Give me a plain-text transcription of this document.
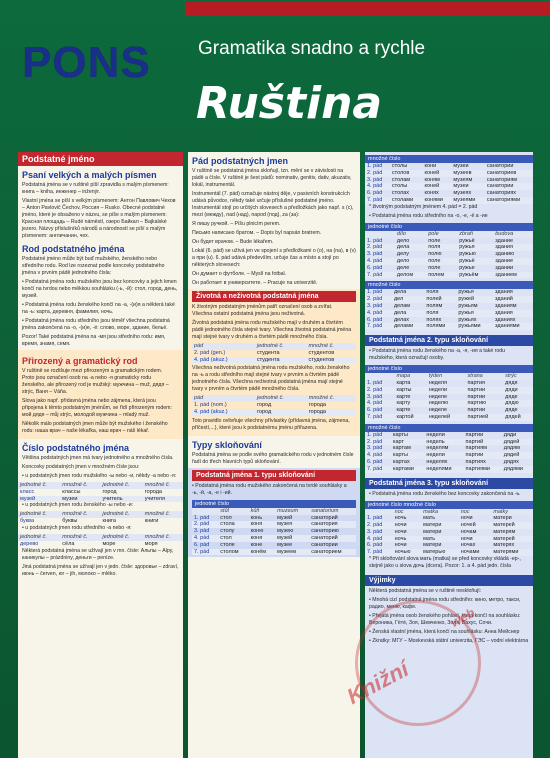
PONS Gramatika snadno a rychle
Ruština
Podstatné jméno
Psaní velkých a malých písmen

Podstatná jména se v ruštině píší zpravidla s malým písmenem: книга – kniha, инженер – inženýr.

Vlastní jména se píší s velkým písmenem: Антон Павлович Чехов – Anton Pavlovič Čechov, Россия – Rusko. Obecné podstatné jméno, které je obsaženo v názvu, se píše s malým písmenem: Красная площадь – Rudé náměstí, озеро Байкал – Bajkalské jezero. Názvy příslušníků národů a národností se píší s malým písmenem: англичанин, чех.

Rod podstatného jména

Podstatné jméno může být buď mužského, ženského nebo středního rodu. Rod lze rozeznat podle koncovky podstatného jména v prvním pádě jednotného čísla:

• Podstatná jména rodu mužského jsou bez koncovky a jejich kmen končí na tvrdou nebo měkkou souhlásku (-ь, -й): стол, город, день, музей.

• Podstatná jména rodu ženského končí na -а, -(и)я a některá také na -ь: карта, деревня, фамилия, ночь.

• Podstatná jména rodu středního jsou téměř všechna podstatná jména zakončená na -о, -(и)е, -ё: слово, море, здание, бельё.

Pozor! Také podstatná jména na -мя jsou středního rodu: имя, время, знамя, семя.

Přirozený a gramatický rod

V ruštině se rozlišuje mezi přirozeným a gramatickým rodem. Proto jsou označení osob na -а nebo -я gramaticky rodu ženského, ale přirozený rod je mužský: мужчина – muž, дядя – strýc, Ваня – Váňa.

Slova jako např. přídavná jména nebo zájmena, která jsou připojena k těmto podstatným jménům, se řídí přirozeným rodem: мой дядя – můj strýc, молодой мужчина – mladý muž.

Několik málo podstatných jmen může být mužského i ženského rodu: наша врач – naše lékařka, наш врач – náš lékař.

Číslo podstatného jména

Většina podstatných jmen má tvary jednotného a množného čísla.

Koncovky podstatných jmen v množném čísle jsou:

• u podstatných jmen rodu mužského -ы nebo -и, někdy -а nebo -я:

jednotné č.	množné č.	jednotné č.	množné č.
класс	классы	город	города
музей	музеи	учитель	учителя

• u podstatných jmen rodu ženského -ы nebo -и:

jednotné č.	množné č.	jednotné č.	množné č.
буква	буквы	книга	книги

• u podstatných jmen rodu středního -а nebo -я:

jednotné č.	množné č.	jednotné č.	množné č.
дерево	сёла	море	моря

Některá podstatná jména se užívají jen v mn. čísle: Альпы – Alpy, каникулы – prázdniny, деньги – peníze.

Jiná podstatná jména se užívají jen v jedn. čísle: здоровье – zdraví, июнь – červen, юг – jih, молоко – mléko.

Pád podstatných jmen

V ruštině se podstatná jména skloňují, tzn. mění se v závislosti na pádě a čísle. V ruštině je šest pádů: nominativ, genitiv, dativ, akuzativ, lokál, instrumentál.

Instrumentál (7. pád) označuje nástroj děje, v pasivních konstrukcích udává původce, někdy také určuje příslušné podstatné jméno. Instrumentál stojí po určitých slovesech a předložkách jako např. s (с), mezi (между), nad (над), napod (под), za (за):

Я пишу ручкой. – Píšu plnicím perem.

Письмо написано братом. – Dopis byl napsán bratrem.

Он будет врачом. – Bude lékařem.

Lokál (6. pád) se užívá jen ve spojení s předložkami о (o), на (na), в (v) a при (u). 6. pád udává především, určuje čas a místo a stojí po některých slovesech:

Он думает о футболе. – Myslí na fotbal.

Он работает в университете. – Pracuje na univerzitě.

Životná a neživotná podstatná jména

K životným podstatným jménům patří označení osob a zvířat. Všechna ostatní podstatná jména jsou neživotná.

Životná podstatná jména rodu mužského mají v druhém a čtvrtém pádě jednotného čísla stejné tvary. Všechna životná podstatná jména mají stejné tvary v druhém a čtvrtém pádě množného čísla.

pád	jednotné č.	množné č.
2. pád (gen.)	студента	студентов
4. pád (akuz.)	студента	студентов

Všechna neživotná podstatná jména rodu mužského, rodu ženského na -ь a rodu středního mají stejné tvary v prvním a čtvrtém pádě jednotného čísla. Všechna neživotná podstatná jména mají stejné tvary v prvním a čtvrtém pádě množného čísla.

pád	jednotné č.	množné č.
1. pád (nom.)	город	города
4. pád (akuz.)	город	города

Toto pravidlo ovlivňuje všechny přívlastky (přídavná jména, zájmena, příčestí,...), které jsou k podstatnému jménu přiřazena.

Typy skloňování

Podstatná jména se podle svého gramatického rodu v jednotném čísle řadí do třech hlavních typů skloňování.

Podstatná jména 1. typu skloňování

• Podstatná jména rodu mužského zakončená na tvrdé souhlásky a -ь, -й, -а, -е i -ий.

jednotné číslo
	stůl	kůň	muzeum	sanatorium
1. pád	стол	конь	музей	санаторий
2. pád	стола	коня	музея	санатория
3. pád	столу	коню	музею	санаторию
4. pád	стол	коня	музей	санаторий
6. pád	столе	коне	музее	санатории
7. pád	столом	конём	музеем	санаторием
množné číslo
1. pád	столы	кони	музеи	санатории
2. pád	столов	коней	музеев	санаториев
3. pád	столам	коням	музеям	санаториям
4. pád	столы	коней	музеи	санатории
6. pád	столах	конях	музеях	санаториях
7. pád	столами	конями	музеями	санаториями

* životným podstatným jménem 4. pád = 2. pád

• Podstatná jména rodu středního na -о, -е, -ё a -ие

jednotné číslo
	dílo	pole	zbraň	budova
1. pád	дело	поле	ружьё	здание
2. pád	дела	поля	ружья	здания
3. pád	делу	полю	ружью	зданию
4. pád	дело	поле	ружьё	здание
6. pád	деле	поле	ружье	здании
7. pád	делом	полем	ружьём	зданием
množné číslo
1. pád	дела	поля	ружья	здания
2. pád	дел	полей	ружей	зданий
3. pád	делам	полям	ружьям	зданиям
4. pád	дела	поля	ружья	здания
6. pád	делах	полях	ружьях	зданиях
7. pád	делами	полями	ружьями	зданиями
Podstatná jména 2. typu skloňování

• Podstatná jména rodu ženského na -а, -я, -ия a také rodu mužského, která označují osoby.

jednotné číslo
	mapa	týden	strana	strýc
1. pád	карта	неделя	партия	дядя
2. pád	карты	недели	партии	дяди
3. pád	карте	неделе	партии	дяде
4. pád	карту	неделю	партию	дядю
6. pád	карте	неделе	партии	дяде
7. pád	картой	неделей	партией	дядей
množné číslo
1. pád	карты	недели	партии	дяди
2. pád	карт	недель	партий	дядей
3. pád	картам	неделям	партиям	дядям
4. pád	карты	недели	партии	дядей
6. pád	картах	неделях	партиях	дядях
7. pád	картами	неделями	партиями	дядями
Podstatná jména 3. typu skloňování

• Podstatná jména rodu ženského bez koncovky zakončená na -ь.

jednotné číslo množné číslo
	noc	matka	noc	matky
1. pád	ночь	мать	ночи	матери
2. pád	ночи	матери	ночей	матерей
3. pád	ночи	матери	ночам	матерям
4. pád	ночь	мать	ночи	матерей
6. pád	ночи	матери	ночах	матерях
7. pád	ночью	матерью	ночами	матерями

* Při skloňování slova мать (matka) se před koncovky vkládá -ер-, stejně jako u slova дочь (dcera). Pozor: 1. a 4. pád jedn. čísla

Výjimky

Některá podstatná jména se v ruštině neskloňují:

• Mnohá cizí podstatná jména rodu středního: кино, метро, такси, радио, меню, кафе.

• Přejatá jména osob ženského pohlaví, která končí na souhlásku: Вероника, Гётé, Зоя, Шевченко, Золя, Бахус, Сочи.

• Ženská vlastní jména, která končí na souhlásku: Анна Мейснер

• Zkratky: МГУ – Moskevská státní univerzita, ГЭС – vodní elektrárna

Knižní
web
